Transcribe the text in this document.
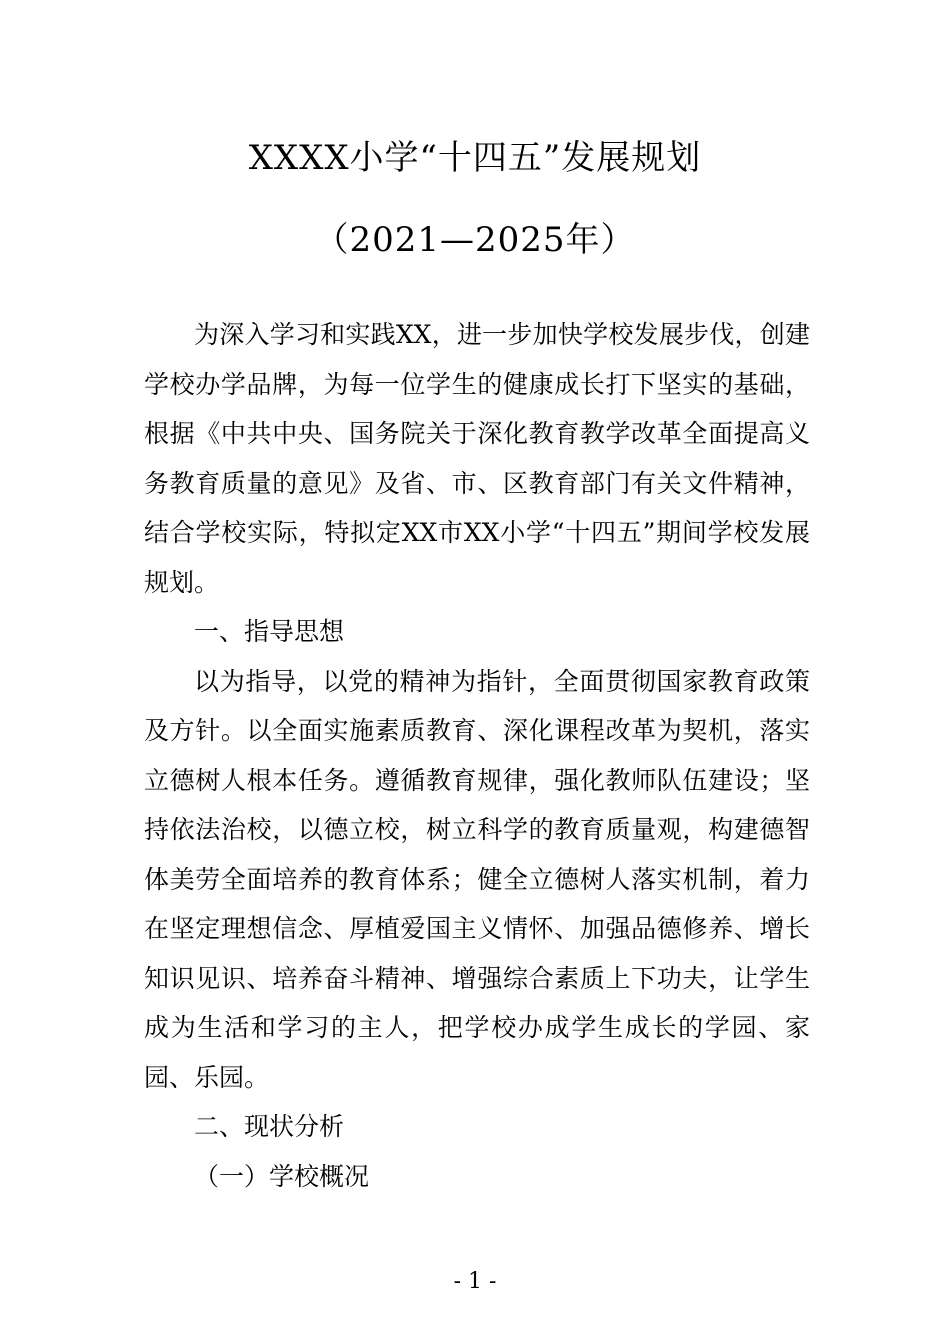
XXXX小学“十四五”发展规划
（2021—2025年）

为深入学习和实践XX，进一步加快学校发展步伐，创建学校办学品牌，为每一位学生的健康成长打下坚实的基础，根据《中共中央、国务院关于深化教育教学改革全面提高义务教育质量的意见》及省、市、区教育部门有关文件精神，结合学校实际，特拟定XX市XX小学“十四五”期间学校发展规划。

一、指导思想

以为指导，以党的精神为指针，全面贯彻国家教育政策及方针。以全面实施素质教育、深化课程改革为契机，落实立德树人根本任务。遵循教育规律，强化教师队伍建设；坚持依法治校，以德立校，树立科学的教育质量观，构建德智体美劳全面培养的教育体系；健全立德树人落实机制，着力在坚定理想信念、厚植爱国主义情怀、加强品德修养、增长知识见识、培养奋斗精神、增强综合素质上下功夫，让学生成为生活和学习的主人，把学校办成学生成长的学园、家园、乐园。

二、现状分析

（一）学校概况

- 1 -
